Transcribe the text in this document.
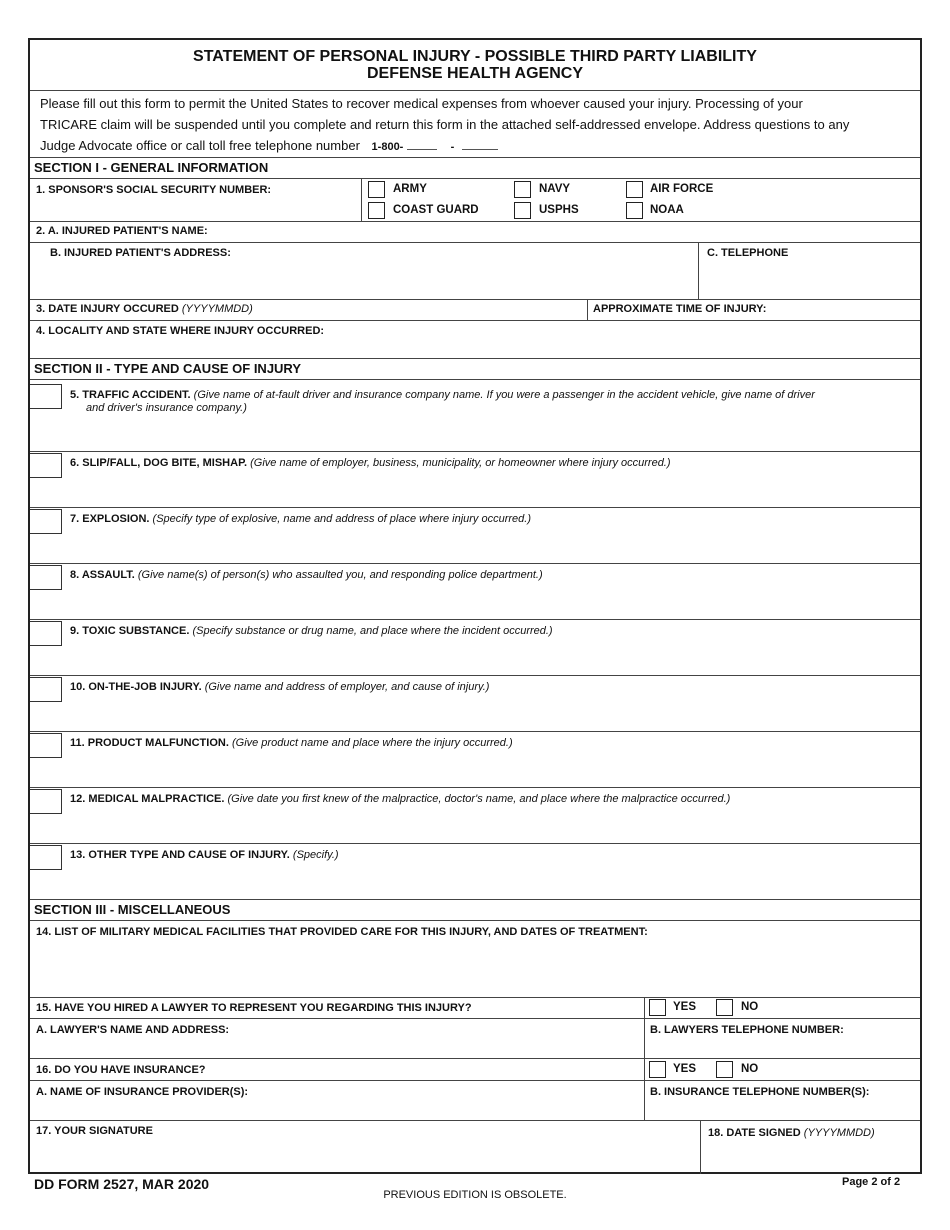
STATEMENT OF PERSONAL INJURY - POSSIBLE THIRD PARTY LIABILITY
DEFENSE HEALTH AGENCY
Please fill out this form to permit the United States to recover medical expenses from whoever caused your injury. Processing of your
TRICARE claim will be suspended until you complete and return this form in the attached self-addressed envelope. Address questions to any
Judge Advocate office or call toll free telephone number 1-800-	-
SECTION I - GENERAL INFORMATION
1. SPONSOR'S SOCIAL SECURITY NUMBER:	ARMY	NAVY	AIR FORCE
COAST GUARD	USPHS	NOAA
2. A. INJURED PATIENT'S NAME:
B. INJURED PATIENT'S ADDRESS:	C. TELEPHONE
3. DATE INJURY OCCURED (YYYYMMDD)	APPROXIMATE TIME OF INJURY:
4. LOCALITY AND STATE WHERE INJURY OCCURRED:
SECTION II - TYPE AND CAUSE OF INJURY
5. TRAFFIC ACCIDENT. (Give name of at-fault driver and insurance company name. If you were a passenger in the accident vehicle, give name of driver
and driver's insurance company.)
6. SLIP/FALL, DOG BITE, MISHAP. (Give name of employer, business, municipality, or homeowner where injury occurred.)
7. EXPLOSION. (Specify type of explosive, name and address of place where injury occurred.)
8. ASSAULT. (Give name(s) of person(s) who assaulted you, and responding police department.)
9. TOXIC SUBSTANCE. (Specify substance or drug name, and place where the incident occurred.)
10. ON-THE-JOB INJURY. (Give name and address of employer, and cause of injury.)
11. PRODUCT MALFUNCTION. (Give product name and place where the injury occurred.)
12. MEDICAL MALPRACTICE. (Give date you first knew of the malpractice, doctor's name, and place where the malpractice occurred.)
13. OTHER TYPE AND CAUSE OF INJURY. (Specify.)
SECTION III - MISCELLANEOUS
14. LIST OF MILITARY MEDICAL FACILITIES THAT PROVIDED CARE FOR THIS INJURY, AND DATES OF TREATMENT:
15. HAVE YOU HIRED A LAWYER TO REPRESENT YOU REGARDING THIS INJURY?	YES	NO
A. LAWYER'S NAME AND ADDRESS:	B. LAWYERS TELEPHONE NUMBER:
16. DO YOU HAVE INSURANCE?	YES	NO
A. NAME OF INSURANCE PROVIDER(S):	B. INSURANCE TELEPHONE NUMBER(S):
17. YOUR SIGNATURE	18. DATE SIGNED (YYYYMMDD)
DD FORM 2527, MAR 2020
PREVIOUS EDITION IS OBSOLETE.
Page 2 of 2
